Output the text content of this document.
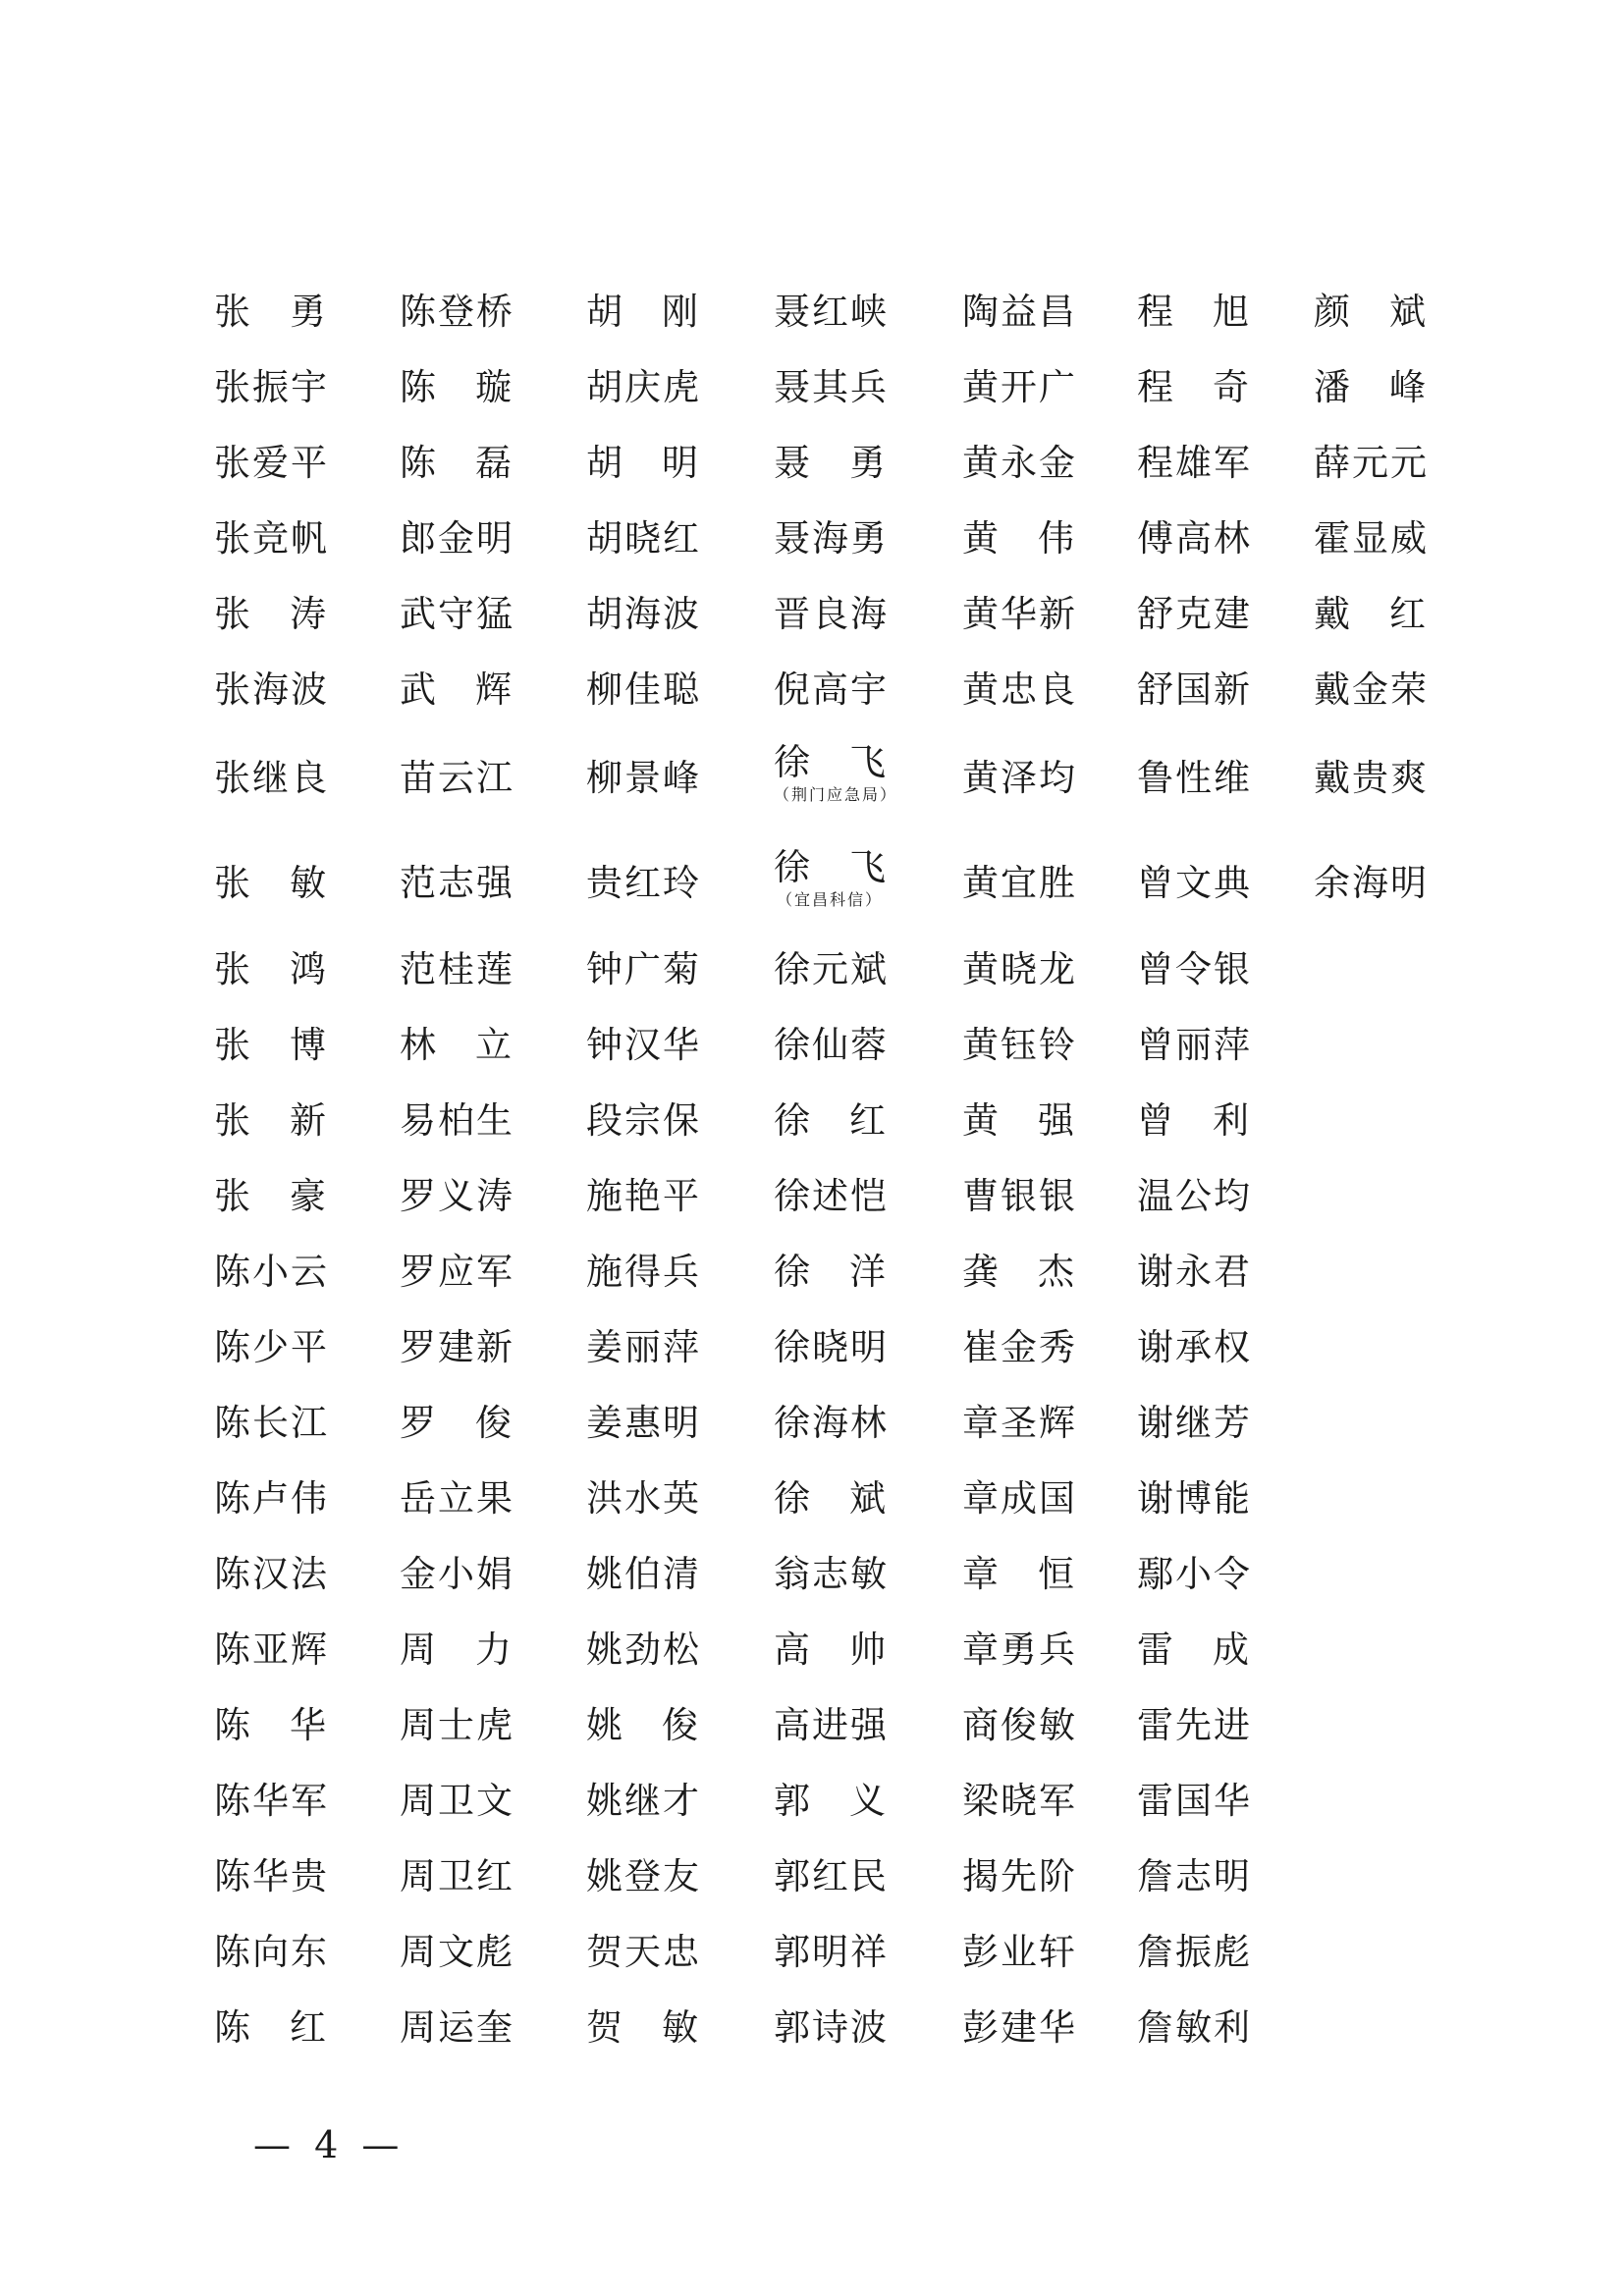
张 勇
张振宇
张爱平
张竞帆
张 涛
张海波
张继良
张 敏
张 鸿
张 博
张 新
张 豪
陈小云
陈少平
陈长江
陈卢伟
陈汉法
陈亚辉
陈 华
陈华军
陈华贵
陈向东
陈 红
陈登桥
陈 璇
陈 磊
郎金明
武守猛
武 辉
苗云江
范志强
范桂莲
林 立
易柏生
罗义涛
罗应军
罗建新
罗 俊
岳立果
金小娟
周 力
周士虎
周卫文
周卫红
周文彪
周运奎
胡 刚
胡庆虎
胡 明
胡晓红
胡海波
柳佳聪
柳景峰
贵红玲
钟广菊
钟汉华
段宗保
施艳平
施得兵
姜丽萍
姜惠明
洪水英
姚伯清
姚劲松
姚 俊
姚继才
姚登友
贺天忠
贺 敏
聂红峡
聂其兵
聂 勇
聂海勇
晋良海
倪高宇
徐 飞
（荆门应急局）
徐 飞
（宜昌科信）
徐元斌
徐仙蓉
徐 红
徐述恺
徐 洋
徐晓明
徐海林
徐 斌
翁志敏
高 帅
高进强
郭 义
郭红民
郭明祥
郭诗波
陶益昌
黄开广
黄永金
黄 伟
黄华新
黄忠良
黄泽均
黄宜胜
黄晓龙
黄钰铃
黄 强
曹银银
龚 杰
崔金秀
章圣辉
章成国
章 恒
章勇兵
商俊敏
梁晓军
揭先阶
彭业轩
彭建华
程 旭
程 奇
程雄军
傅高林
舒克建
舒国新
鲁性维
曾文典
曾令银
曾丽萍
曾 利
温公均
谢永君
谢承权
谢继芳
谢博能
鄢小令
雷 成
雷先进
雷国华
詹志明
詹振彪
詹敏利
颜 斌
潘 峰
薛元元
霍显威
戴 红
戴金荣
戴贵爽
余海明
— 4 —
